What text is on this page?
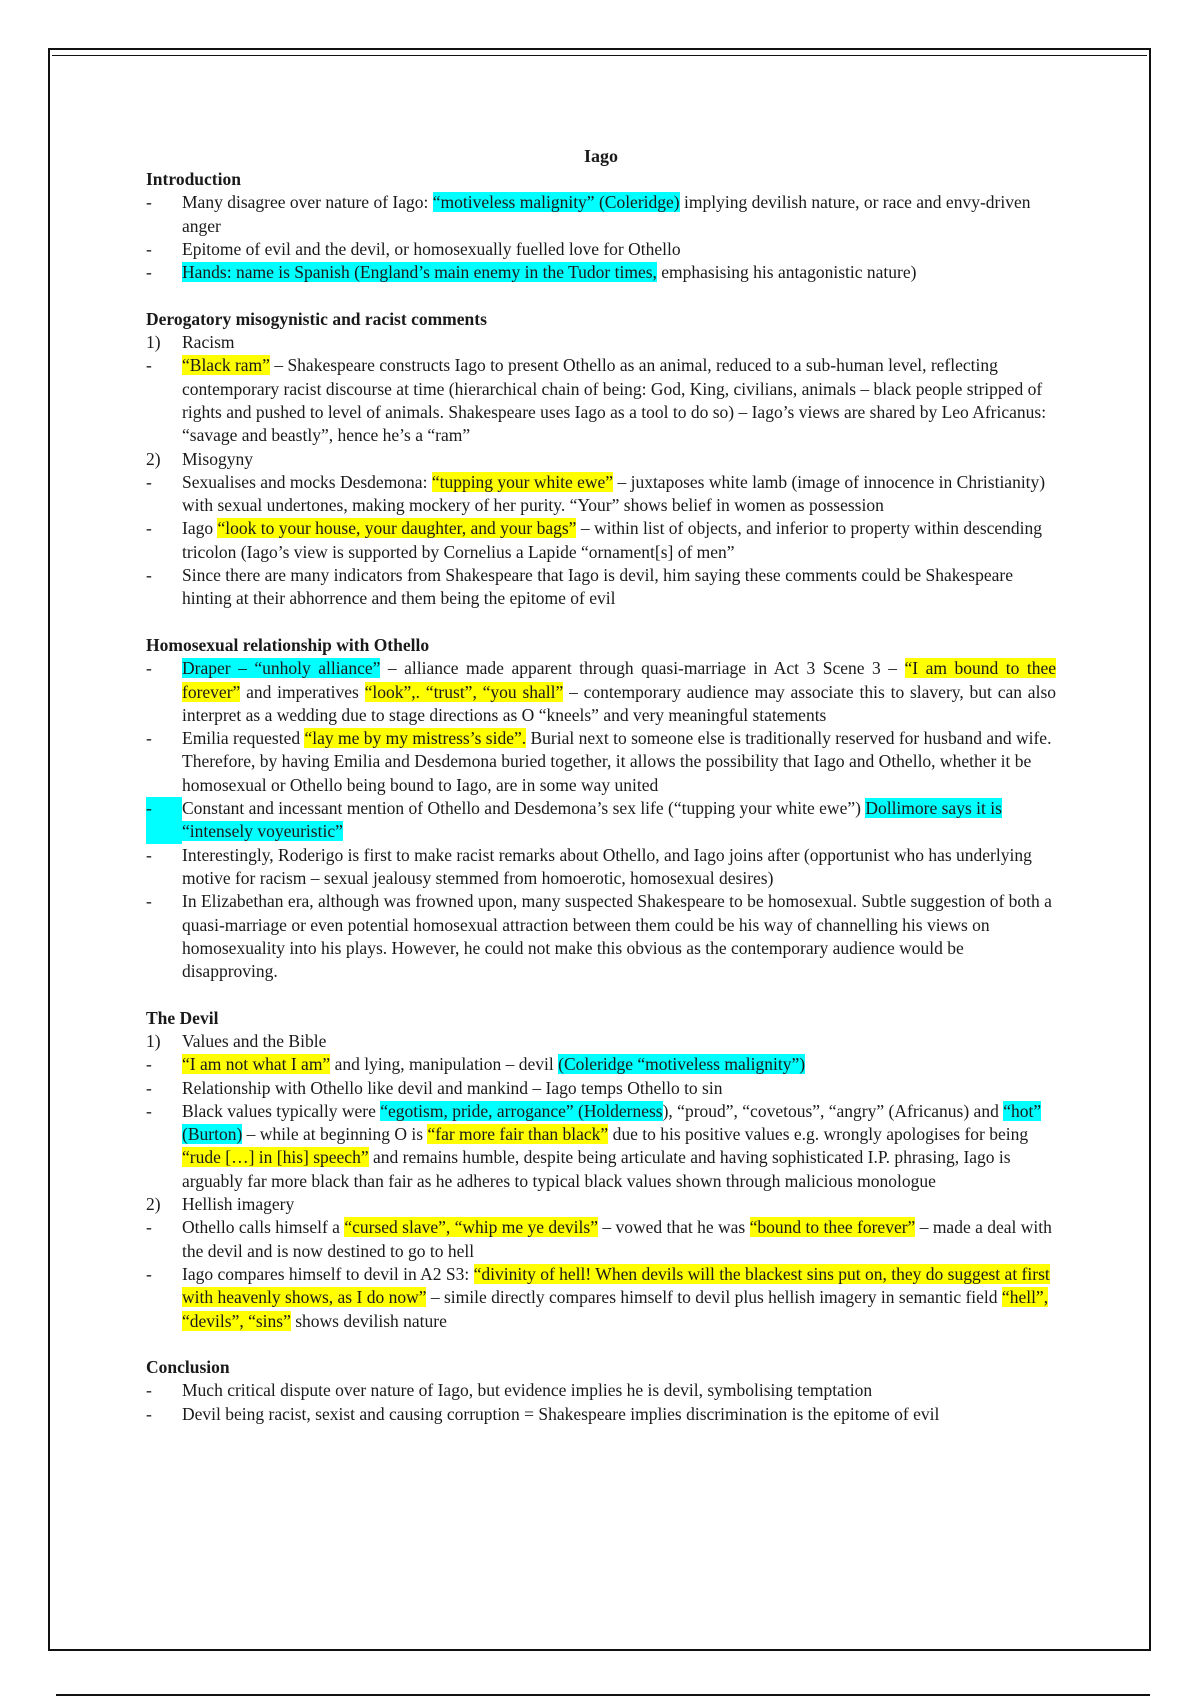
Iago

Introduction

-	Many disagree over nature of Iago: “motiveless malignity” (Coleridge) implying devilish nature, or race and envy-driven anger
-	Epitome of evil and the devil, or homosexually fuelled love for Othello
-	Hands: name is Spanish (England’s main enemy in the Tudor times, emphasising his antagonistic nature)

Derogatory misogynistic and racist comments

1)	Racism
-	“Black ram” – Shakespeare constructs Iago to present Othello as an animal, reduced to a sub-human level, reflecting contemporary racist discourse at time (hierarchical chain of being: God, King, civilians, animals – black people stripped of rights and pushed to level of animals. Shakespeare uses Iago as a tool to do so) – Iago’s views are shared by Leo Africanus: “savage and beastly”, hence he’s a “ram”
2)	Misogyny
-	Sexualises and mocks Desdemona: “tupping your white ewe” – juxtaposes white lamb (image of innocence in Christianity) with sexual undertones, making mockery of her purity. “Your” shows belief in women as possession
-	Iago “look to your house, your daughter, and your bags” – within list of objects, and inferior to property within descending tricolon (Iago’s view is supported by Cornelius a Lapide “ornament[s] of men”
-	Since there are many indicators from Shakespeare that Iago is devil, him saying these comments could be Shakespeare hinting at their abhorrence and them being the epitome of evil

Homosexual relationship with Othello

-	Draper – “unholy alliance” – alliance made apparent through quasi-marriage in Act 3 Scene 3 – “I am bound to thee forever” and imperatives “look”,. “trust”, “you shall” – contemporary audience may associate this to slavery, but can also interpret as a wedding due to stage directions as O “kneels” and very meaningful statements
-	Emilia requested “lay me by my mistress’s side”. Burial next to someone else is traditionally reserved for husband and wife. Therefore, by having Emilia and Desdemona buried together, it allows the possibility that Iago and Othello, whether it be homosexual or Othello being bound to Iago, are in some way united
-	Constant and incessant mention of Othello and Desdemona’s sex life (“tupping your white ewe”) Dollimore says it is “intensely voyeuristic”
-	Interestingly, Roderigo is first to make racist remarks about Othello, and Iago joins after (opportunist who has underlying motive for racism – sexual jealousy stemmed from homoerotic, homosexual desires)
-	In Elizabethan era, although was frowned upon, many suspected Shakespeare to be homosexual. Subtle suggestion of both a quasi-marriage or even potential homosexual attraction between them could be his way of channelling his views on homosexuality into his plays. However, he could not make this obvious as the contemporary audience would be disapproving.

The Devil

1)	Values and the Bible
-	“I am not what I am” and lying, manipulation – devil (Coleridge “motiveless malignity”)
-	Relationship with Othello like devil and mankind – Iago temps Othello to sin
-	Black values typically were “egotism, pride, arrogance” (Holderness), “proud”, “covetous”, “angry” (Africanus) and “hot” (Burton) – while at beginning O is “far more fair than black” due to his positive values e.g. wrongly apologises for being “rude […] in [his] speech” and remains humble, despite being articulate and having sophisticated I.P. phrasing, Iago is arguably far more black than fair as he adheres to typical black values shown through malicious monologue
2)	Hellish imagery
-	Othello calls himself a “cursed slave”, “whip me ye devils” – vowed that he was “bound to thee forever” – made a deal with the devil and is now destined to go to hell
-	Iago compares himself to devil in A2 S3: “divinity of hell! When devils will the blackest sins put on, they do suggest at first with heavenly shows, as I do now” – simile directly compares himself to devil plus hellish imagery in semantic field “hell”, “devils”, “sins” shows devilish nature

Conclusion

-	Much critical dispute over nature of Iago, but evidence implies he is devil, symbolising temptation
-	Devil being racist, sexist and causing corruption = Shakespeare implies discrimination is the epitome of evil
